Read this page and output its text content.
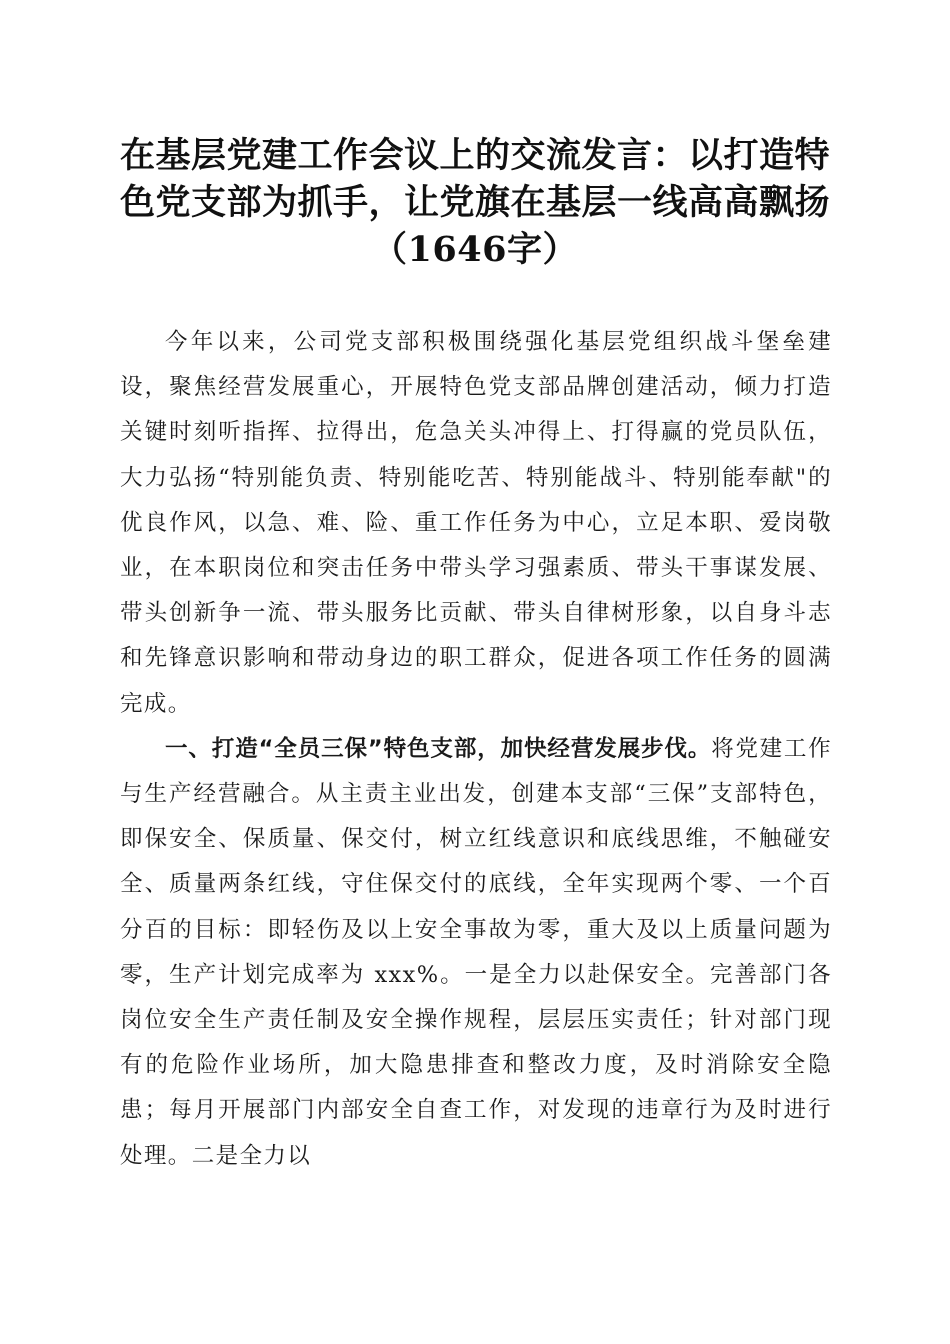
在基层党建工作会议上的交流发言：以打造特
色党支部为抓手，让党旗在基层一线高高飘扬
（1646字）

今年以来，公司党支部积极围绕强化基层党组织战斗堡垒建设，聚焦经营发展重心，开展特色党支部品牌创建活动，倾力打造关键时刻听指挥、拉得出，危急关头冲得上、打得赢的党员队伍，大力弘扬“特别能负责、特别能吃苦、特别能战斗、特别能奉献"的优良作风，以急、难、险、重工作任务为中心，立足本职、爱岗敬业，在本职岗位和突击任务中带头学习强素质、带头干事谋发展、带头创新争一流、带头服务比贡献、带头自律树形象，以自身斗志和先锋意识影响和带动身边的职工群众，促进各项工作任务的圆满完成。

一、打造“全员三保”特色支部，加快经营发展步伐。将党建工作与生产经营融合。从主责主业出发，创建本支部“三保”支部特色，即保安全、保质量、保交付，树立红线意识和底线思维，不触碰安全、质量两条红线，守住保交付的底线，全年实现两个零、一个百分百的目标：即轻伤及以上安全事故为零，重大及以上质量问题为零，生产计划完成率为 xxx%。一是全力以赴保安全。完善部门各岗位安全生产责任制及安全操作规程，层层压实责任；针对部门现有的危险作业场所，加大隐患排查和整改力度，及时消除安全隐患；每月开展部门内部安全自查工作，对发现的违章行为及时进行处理。二是全力以
